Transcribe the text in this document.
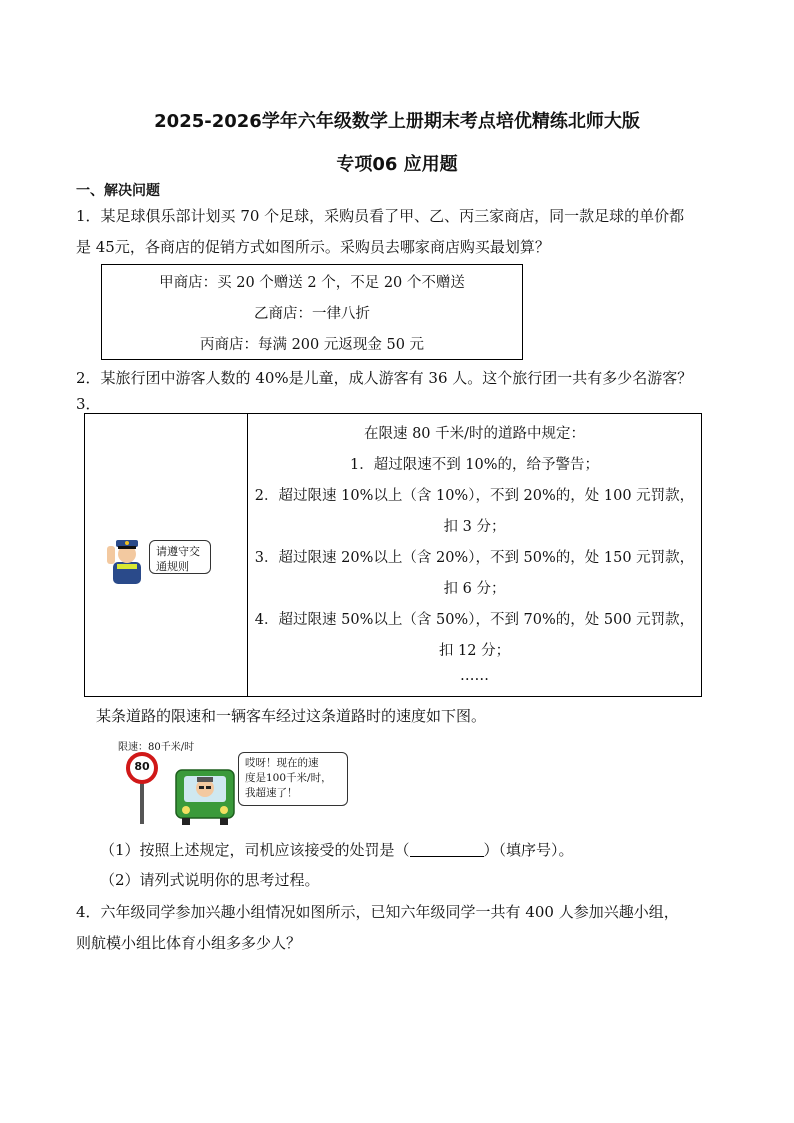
2025-2026学年六年级数学上册期末考点培优精练北师大版
专项06 应用题
一、解决问题
1．某足球俱乐部计划买 70 个足球，采购员看了甲、乙、丙三家商店，同一款足球的单价都
是 45元，各商店的促销方式如图所示。采购员去哪家商店购买最划算？
甲商店：买 20 个赠送 2 个，不足 20 个不赠送
乙商店：一律八折
丙商店：每满 200 元返现金 50 元
2．某旅行团中游客人数的 40%是儿童，成人游客有 36 人。这个旅行团一共有多少名游客？
3．
请遵守交
通规则
在限速 80 千米/时的道路中规定：
1．超过限速不到 10%的，给予警告；
2．超过限速 10%以上（含 10%），不到 20%的，处 100 元罚款，
扣 3 分；
3．超过限速 20%以上（含 20%），不到 50%的，处 150 元罚款，
扣 6 分；
4．超过限速 50%以上（含 50%），不到 70%的，处 500 元罚款，
扣 12 分；
……
某条道路的限速和一辆客车经过这条道路时的速度如下图。
限速：80千米/时
80	哎呀！现在的速
度是100千米/时，
我超速了！
（1）按照上述规定，司机应该接受的处罚是（	）（填序号）。
（2）请列式说明你的思考过程。
4．六年级同学参加兴趣小组情况如图所示，已知六年级同学一共有 400 人参加兴趣小组，
则航模小组比体育小组多多少人？
